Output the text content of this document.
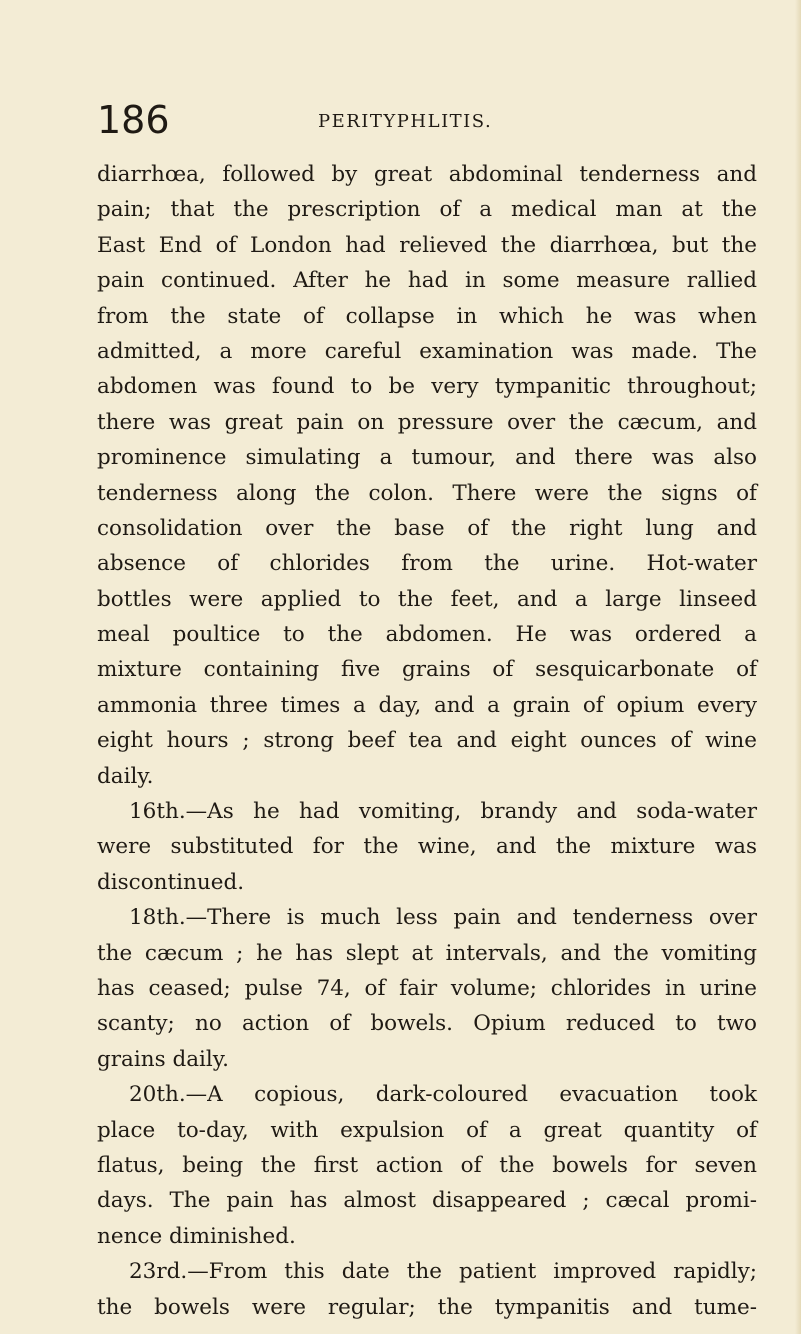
186	PERITYPHLITIS.
diarrhœa, followed by great abdominal tenderness and
pain; that the prescription of a medical man at the
East End of London had relieved the diarrhœa, but the
pain continued. After he had in some measure rallied
from the state of collapse in which he was when
admitted, a more careful examination was made. The
abdomen was found to be very tympanitic throughout;
there was great pain on pressure over the cæcum, and
prominence simulating a tumour, and there was also
tenderness along the colon. There were the signs of
consolidation over the base of the right lung and
absence of chlorides from the urine. Hot-water
bottles were applied to the feet, and a large linseed
meal poultice to the abdomen. He was ordered a
mixture containing five grains of sesquicarbonate of
ammonia three times a day, and a grain of opium every
eight hours ; strong beef tea and eight ounces of wine
daily.
16th.—As he had vomiting, brandy and soda-water
were substituted for the wine, and the mixture was
discontinued.
18th.—There is much less pain and tenderness over
the cæcum ; he has slept at intervals, and the vomiting
has ceased; pulse 74, of fair volume; chlorides in urine
scanty; no action of bowels. Opium reduced to two
grains daily.
20th.—A copious, dark-coloured evacuation took
place to-day, with expulsion of a great quantity of
flatus, being the first action of the bowels for seven
days. The pain has almost disappeared ; cæcal promi-
nence diminished.
23rd.—From this date the patient improved rapidly;
the bowels were regular; the tympanitis and tume-
